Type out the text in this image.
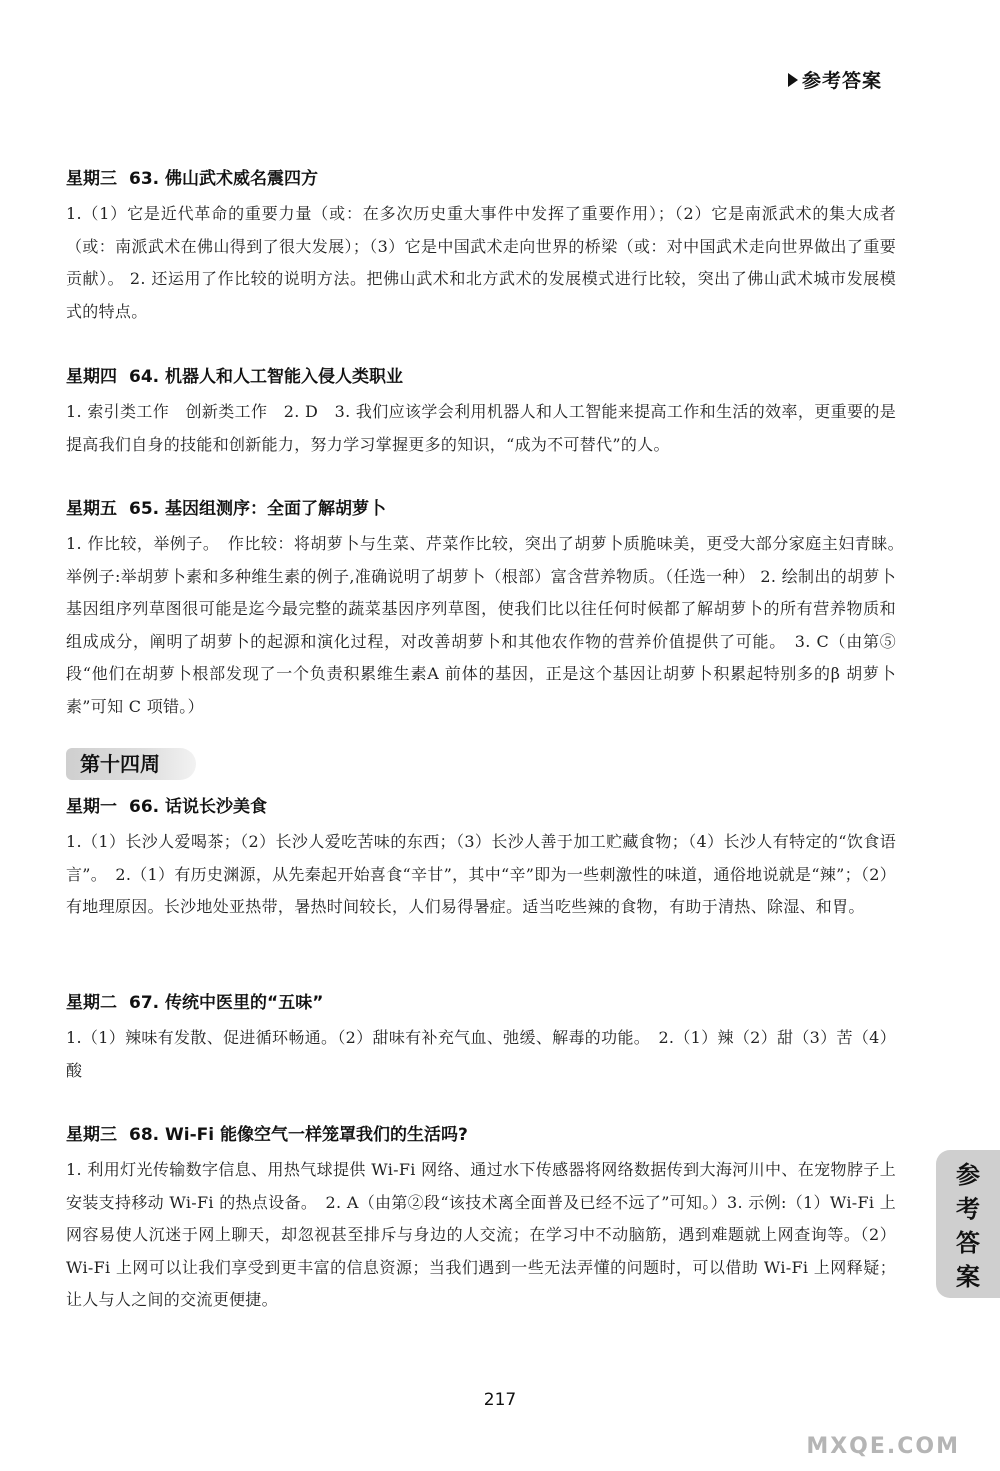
参考答案
星期三 63. 佛山武术威名震四方

1.（1）它是近代革命的重要力量（或：在多次历史重大事件中发挥了重要作用）；（2）它是南派武术的集大成者（或：南派武术在佛山得到了很大发展）；（3）它是中国武术走向世界的桥梁（或：对中国武术走向世界做出了重要贡献）。 2. 还运用了作比较的说明方法。把佛山武术和北方武术的发展模式进行比较，突出了佛山武术城市发展模式的特点。

星期四 64. 机器人和人工智能入侵人类职业

1. 索引类工作　创新类工作　2. D　3. 我们应该学会利用机器人和人工智能来提高工作和生活的效率，更重要的是提高我们自身的技能和创新能力，努力学习掌握更多的知识，“成为不可替代”的人。

星期五 65. 基因组测序：全面了解胡萝卜

1. 作比较，举例子。　作比较：将胡萝卜与生菜、芹菜作比较，突出了胡萝卜质脆味美，更受大部分家庭主妇青睐。　举例子:举胡萝卜素和多种维生素的例子,准确说明了胡萝卜（根部）富含营养物质。（任选一种） 2. 绘制出的胡萝卜基因组序列草图很可能是迄今最完整的蔬菜基因序列草图，使我们比以往任何时候都了解胡萝卜的所有营养物质和组成成分，阐明了胡萝卜的起源和演化过程，对改善胡萝卜和其他农作物的营养价值提供了可能。　3. C（由第⑤段“他们在胡萝卜根部发现了一个负责积累维生素A 前体的基因，正是这个基因让胡萝卜积累起特别多的β 胡萝卜素”可知 C 项错。）

第十四周
星期一 66. 话说长沙美食

1.（1）长沙人爱喝茶；（2）长沙人爱吃苦味的东西；（3）长沙人善于加工贮藏食物；（4）长沙人有特定的“饮食语言”。　2.（1）有历史渊源，从先秦起开始喜食“辛甘”，其中“辛”即为一些刺激性的味道，通俗地说就是“辣”；（2）有地理原因。长沙地处亚热带，暑热时间较长，人们易得暑症。适当吃些辣的食物，有助于清热、除湿、和胃。

星期二 67. 传统中医里的“五味”

1.（1）辣味有发散、促进循环畅通。（2）甜味有补充气血、弛缓、解毒的功能。　2.（1）辣（2）甜（3）苦（4）酸

星期三 68. Wi-Fi 能像空气一样笼罩我们的生活吗?

1. 利用灯光传输数字信息、用热气球提供 Wi-Fi 网络、通过水下传感器将网络数据传到大海河川中、在宠物脖子上安装支持移动 Wi-Fi 的热点设备。　2. A（由第②段“该技术离全面普及已经不远了”可知。）3. 示例:（1）Wi-Fi 上网容易使人沉迷于网上聊天，却忽视甚至排斥与身边的人交流；在学习中不动脑筋，遇到难题就上网查询等。（2）Wi-Fi 上网可以让我们享受到更丰富的信息资源；当我们遇到一些无法弄懂的问题时，可以借助 Wi-Fi 上网释疑；让人与人之间的交流更便捷。

参
考
答
案
217
MXQE.COM
